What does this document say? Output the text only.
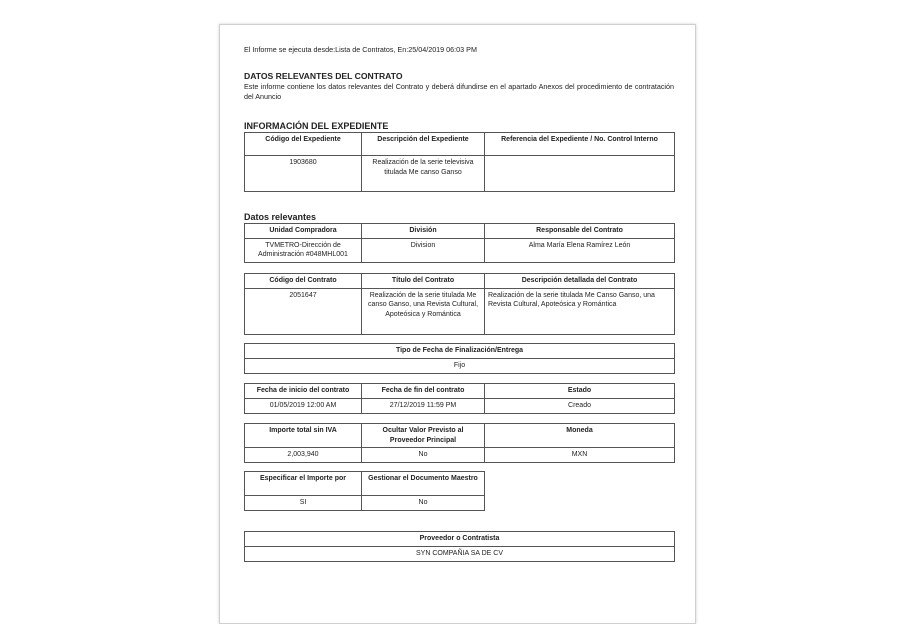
El Informe se ejecuta desde:Lista de Contratos, En:25/04/2019 06:03 PM
DATOS RELEVANTES DEL CONTRATO
Este informe contiene los datos relevantes del Contrato y deberá difundirse en el apartado Anexos del procedimiento de contratación del Anuncio
INFORMACIÓN DEL EXPEDIENTE
Código del Expediente	Descripción del Expediente	Referencia del Expediente / No. Control Interno
1903680	Realización de la serie televisiva titulada Me canso Ganso	
Datos relevantes
Unidad Compradora	División	Responsable del Contrato
TVMETRO-Dirección de Administración #048MHL001	Division	Alma María Elena Ramírez León
Código del Contrato	Título del Contrato	Descripción detallada del Contrato
2051647	Realización de la serie titulada Me canso Ganso, una Revista Cultural, Apoteósica y Romántica	Realización de la serie titulada Me Canso Ganso, una Revista Cultural, Apoteósica y Romántica
Tipo de Fecha de Finalización/Entrega
Fijo
Fecha de inicio del contrato	Fecha de fin del contrato	Estado
01/05/2019 12:00 AM	27/12/2019 11:59 PM	Creado
Importe total sin IVA	Ocultar Valor Previsto al Proveedor Principal	Moneda
2,003,940	No	MXN
Especificar el Importe por	Gestionar el Documento Maestro
SI	No
Proveedor o Contratista
SYN COMPAÑIA SA DE CV
